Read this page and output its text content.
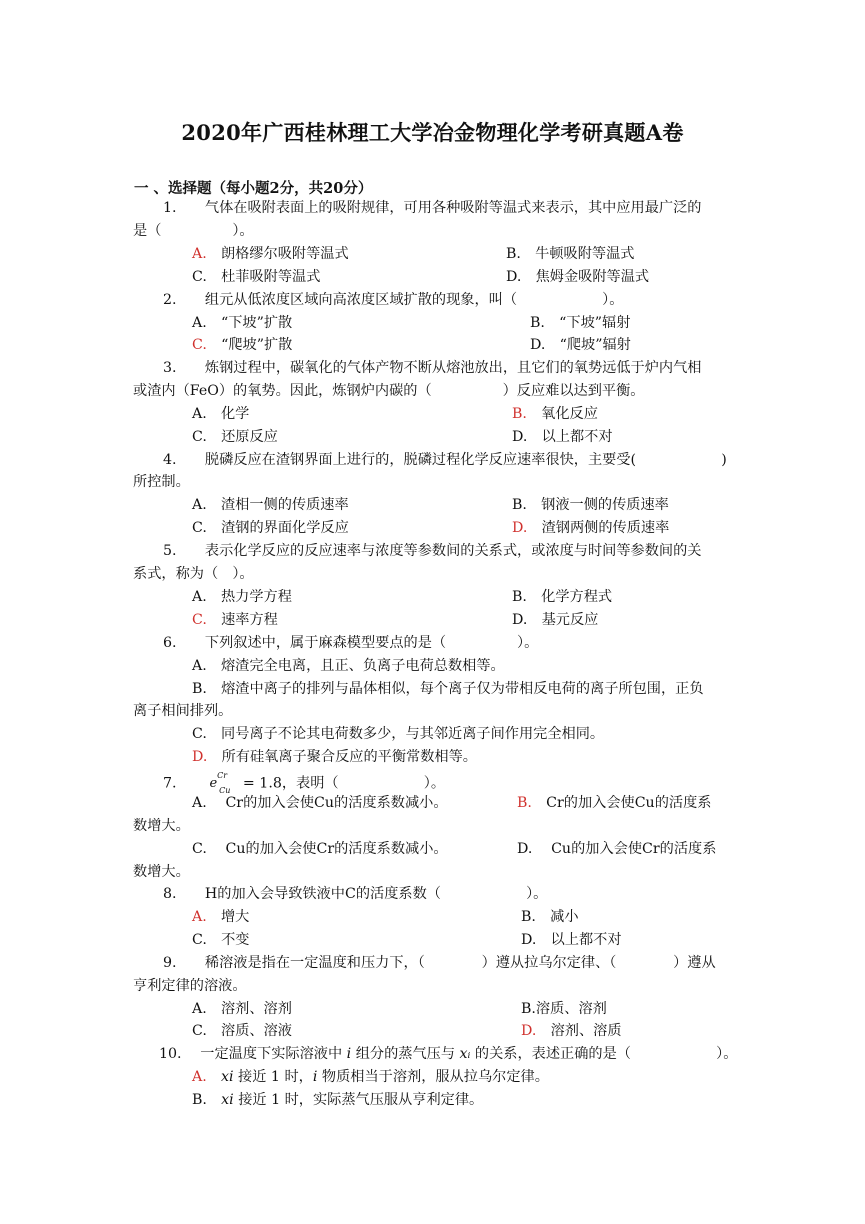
2020年广西桂林理工大学冶金物理化学考研真题A卷
一 、选择题（每小题2分，共20分）
1.　　气体在吸附表面上的吸附规律，可用各种吸附等温式来表示，其中应用最广泛的
是（　　　　　）。
A.　 朗格缪尔吸附等温式	B.　 牛顿吸附等温式
C.　 杜菲吸附等温式	D.　 焦姆金吸附等温式
2.　　组元从低浓度区域向高浓度区域扩散的现象，叫（　　　　　　）。
A.　 “下坡”扩散	B.　 “下坡”辐射
C.　 “爬坡”扩散	D.　 “爬坡”辐射
3.　　炼钢过程中，碳氧化的气体产物不断从熔池放出，且它们的氧势远低于炉内气相
或渣内（FeO）的氧势。因此，炼钢炉内碳的（　　　　　）反应难以达到平衡。
A.　 化学	B.　 氧化反应
C.　 还原反应	D.　 以上都不对
4.　　脱磷反应在渣钢界面上进行的，脱磷过程化学反应速率很快，主要受(　　　　　　)
所控制。
A.　 渣相一侧的传质速率	B.　 钢液一侧的传质速率
C.　 渣钢的界面化学反应	D.　 渣钢两侧的传质速率
5.　　表示化学反应的反应速率与浓度等参数间的关系式，或浓度与时间等参数间的关
系式，称为（　）。
A.　 热力学方程	B.　 化学方程式
C.　 速率方程	D.　 基元反应
6.　　下列叙述中，属于麻森模型要点的是（　　　　　）。
A.　熔渣完全电离，且正、负离子电荷总数相等。
B.　熔渣中离子的排列与晶体相似，每个离子仅为带相反电荷的离子所包围，正负
离子相间排列。
C.　同号离子不论其电荷数多少，与其邻近离子间作用完全相同。
D.　 所有硅氧离子聚合反应的平衡常数相等。
7.　　	$e^{Cr}_{Cu} = 1.8$，表明（　　　　　　）。
A.　 Cr的加入会使Cu的活度系数减小。	B.　Cr的加入会使Cu的活度系
数增大。
C.　 Cu的加入会使Cr的活度系数减小。	D.　 Cu的加入会使Cr的活度系
数增大。
8.　　H的加入会导致铁液中C的活度系数（　　　　　　）。
A.　 增大	B.　 减小
C.　 不变	D.　 以上都不对
9.　　稀溶液是指在一定温度和压力下，（　　　　）遵从拉乌尔定律、（　　　　）遵从
亨利定律的溶液。
A.　溶剂、溶剂	B.溶质、溶剂
C.　溶质、溶液	D.　 溶剂、溶质
10.　 一定温度下实际溶液中 i 组分的蒸气压与 xᵢ 的关系，表述正确的是（　　　　　　）。
A.　 xi 接近 1 时，i 物质相当于溶剂，服从拉乌尔定律。
B.　 xi 接近 1 时，实际蒸气压服从亨利定律。
